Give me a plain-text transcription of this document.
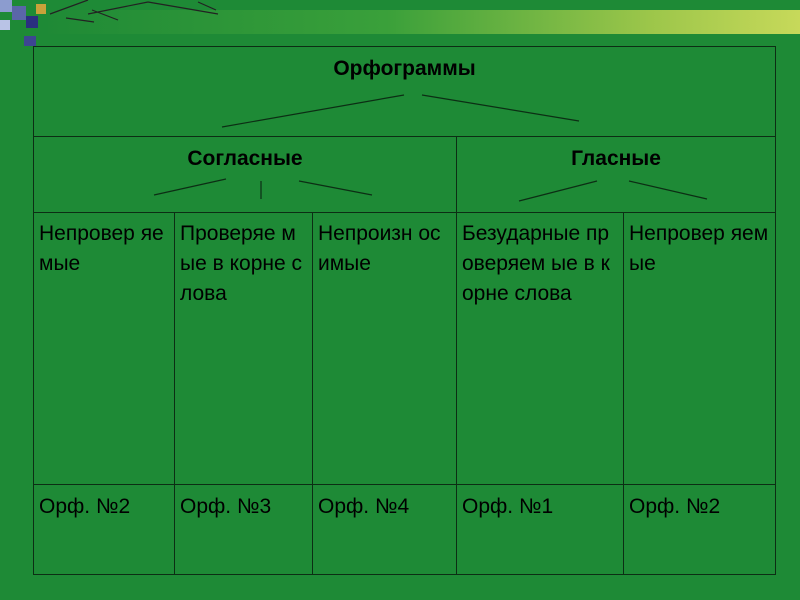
Орфограммы				

Согласные			Гласные	

Непровер яемые	Проверяе мые в корне слова	Непроизн осимые	Безударные проверяем ые в корне слова	Непровер яемые
Орф. №2	Орф. №3	Орф. №4	Орф. №1	Орф. №2
